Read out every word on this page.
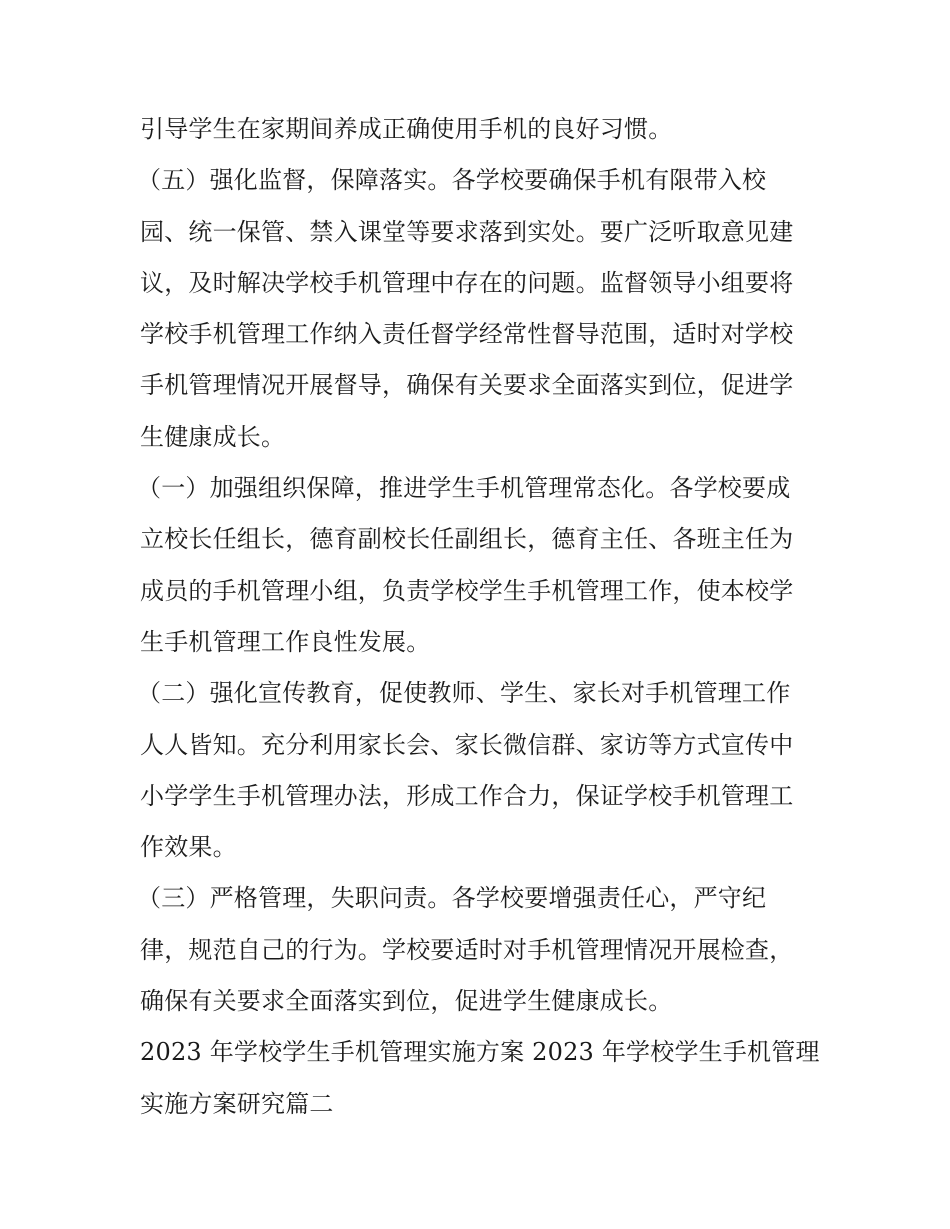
引导学生在家期间养成正确使用手机的良好习惯。
（五）强化监督，保障落实。各学校要确保手机有限带入校
园、统一保管、禁入课堂等要求落到实处。要广泛听取意见建
议，及时解决学校手机管理中存在的问题。监督领导小组要将
学校手机管理工作纳入责任督学经常性督导范围，适时对学校
手机管理情况开展督导，确保有关要求全面落实到位，促进学
生健康成长。
（一）加强组织保障，推进学生手机管理常态化。各学校要成
立校长任组长，德育副校长任副组长，德育主任、各班主任为
成员的手机管理小组，负责学校学生手机管理工作，使本校学
生手机管理工作良性发展。
（二）强化宣传教育，促使教师、学生、家长对手机管理工作
人人皆知。充分利用家长会、家长微信群、家访等方式宣传中
小学学生手机管理办法，形成工作合力，保证学校手机管理工
作效果。
（三）严格管理，失职问责。各学校要增强责任心，严守纪
律，规范自己的行为。学校要适时对手机管理情况开展检查，
确保有关要求全面落实到位，促进学生健康成长。
2023 年学校学生手机管理实施方案 2023 年学校学生手机管理
实施方案研究篇二
